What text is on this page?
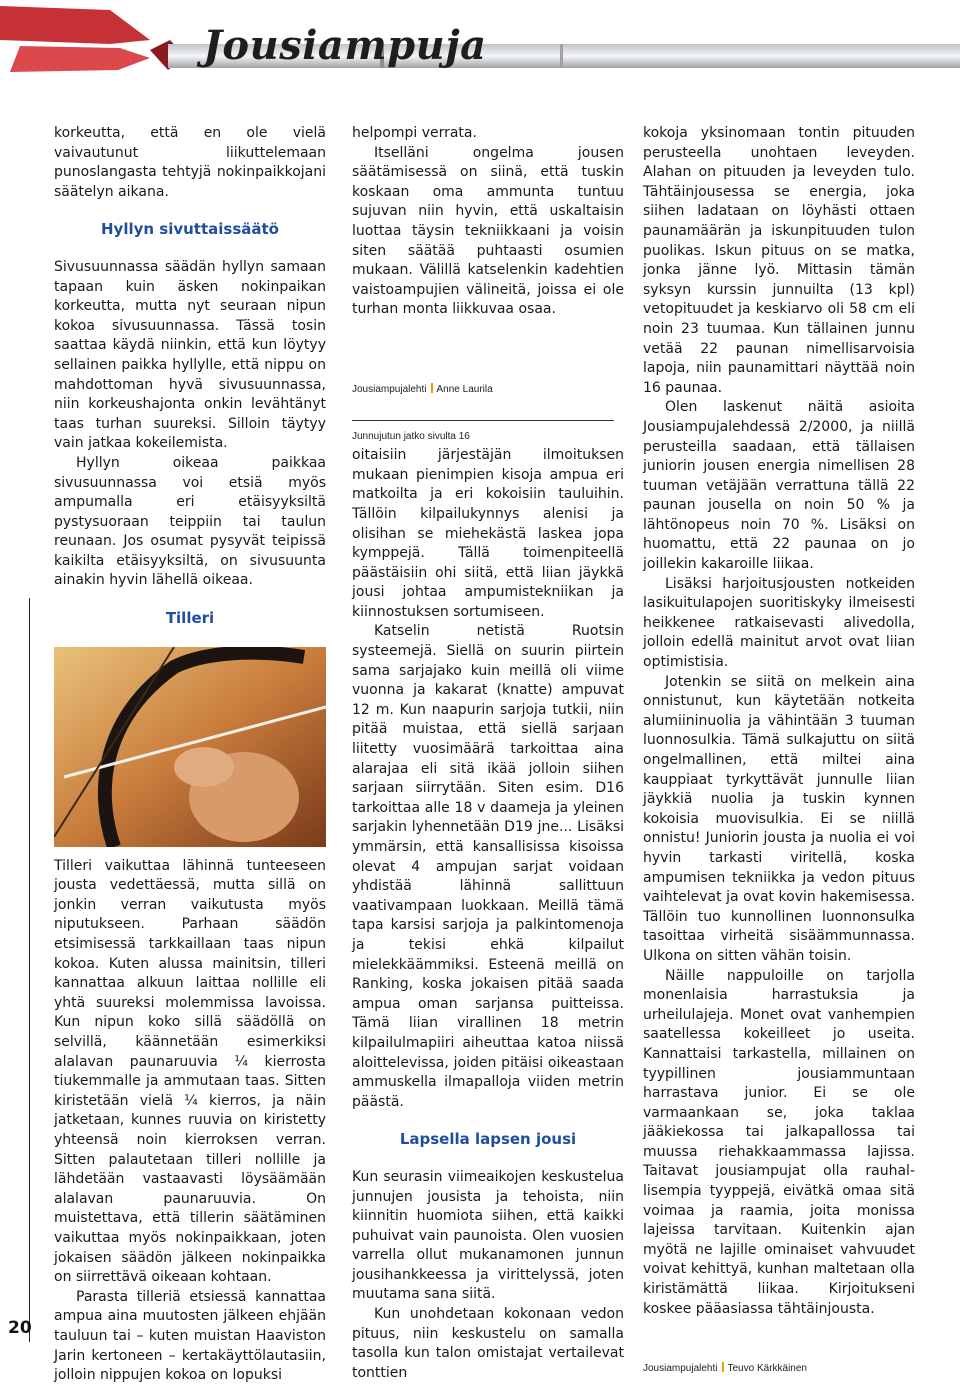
Jousiampuja

korkeutta, että en ole vielä vaivautunut liikuttelemaan punoslangasta tehtyjä nokinpaikkojani säätelyn aikana.

Hyllyn sivuttaissäätö

Sivusuunnassa säädän hyllyn samaan tapaan kuin äsken nokinpaikan korkeutta, mutta nyt seuraan nipun kokoa sivusuunnassa. Tässä tosin saattaa käydä niinkin, että kun löytyy sellainen paikka hyllylle, että nippu on mahdottoman hyvä sivusuunnassa, niin korkeushajonta onkin levähtänyt taas turhan suureksi. Silloin täytyy vain jatkaa kokeilemista.

Hyllyn oikeaa paikkaa sivusuunnassa voi etsiä myös ampumalla eri etäisyyksiltä pystysuoraan teippiin tai taulun reunaan. Jos osumat pysyvät teipissä kaikilta etäisyyksiltä, on sivusuunta ainakin hyvin lähellä oikeaa.

Tilleri

Tilleri vaikuttaa lähinnä tunteeseen jousta vedettäessä, mutta sillä on jonkin verran vaikutusta myös niputukseen. Parhaan säädön etsimisessä tarkkaillaan taas nipun kokoa. Kuten alussa mainitsin, tilleri kannattaa alkuun laittaa nollille eli yhtä suureksi molemmissa lavoissa. Kun nipun koko sillä säädöllä on selvillä, käännetään esimerkiksi alalavan paunaruuvia ¼ kierrosta tiukemmalle ja ammutaan taas. Sitten kiristetään vielä ¼ kierros, ja näin jatketaan, kunnes ruuvia on kiristetty yhteensä noin kierroksen verran. Sitten palautetaan tilleri nollille ja lähdetään vastaavasti löysäämään alalavan paunaruuvia. On muistettava, että tillerin säätäminen vaikuttaa myös nokinpaikkaan, joten jokaisen säädön jälkeen nokinpaikka on siirrettävä oikeaan kohtaan.

Parasta tilleriä etsiessä kannattaa ampua aina muutosten jälkeen ehjään tauluun tai – kuten muistan Haaviston Jarin kertoneen – kertakäyttölautasiin, jolloin nippujen kokoa on lopuksi

helpompi verrata.

Itselläni ongelma jousen säätämisessä on siinä, että tuskin koskaan oma ammunta tuntuu sujuvan niin hyvin, että uskaltaisin luottaa täysin tekniikkaani ja voisin siten säätää puhtaasti osumien mukaan. Välillä katselenkin kadehtien vaistoampujien välineitä, joissa ei ole turhan monta liikkuvaa osaa.

Jousiampujalehti Anne Laurila

Junnujutun jatko sivulta 16

oitaisiin järjestäjän ilmoituksen mukaan pienimpien kisoja ampua eri matkoilta ja eri kokoisiin tauluihin. Tällöin kilpailukynnys alenisi ja olisihan se miehekästä laskea jopa kymppejä. Tällä toimenpiteellä päästäisiin ohi siitä, että liian jäykkä jousi johtaa ampumistekniikan ja kiinnostuksen sortumiseen.

Katselin netistä Ruotsin systeemejä. Siellä on suurin piirtein sama sarjajako kuin meillä oli viime vuonna ja kakarat (knatte) ampuvat 12 m. Kun naapurin sarjoja tutkii, niin pitää muistaa, että siellä sarjaan liitetty vuosimäärä tarkoittaa aina alarajaa eli sitä ikää jolloin siihen sarjaan siirrytään. Siten esim. D16 tarkoittaa alle 18 v daameja ja yleinen sarjakin lyhennetään D19 jne... Lisäksi ymmärsin, että kansallisissa kisoissa olevat 4 ampujan sarjat voidaan yhdistää lähinnä sallittuun vaativampaan luokkaan. Meillä tämä tapa karsisi sarjoja ja palkintomenoja ja tekisi ehkä kilpailut mielekkäämmiksi. Esteenä meillä on Ranking, koska jokaisen pitää saada ampua oman sarjansa puitteissa. Tämä liian virallinen 18 metrin kilpailulmapiiri aiheuttaa katoa niissä aloittelevissa, joiden pitäisi oikeastaan ammuskella ilmapalloja viiden metrin päästä.

Lapsella lapsen jousi

Kun seurasin viimeaikojen keskustelua junnujen jousista ja tehoista, niin kiinnitin huomiota siihen, että kaikki puhuivat vain paunoista. Olen vuosien varrella ollut mukanamonen junnun jousihankkeessa ja virittelyssä, joten muutama sana siitä.

Kun unohdetaan kokonaan vedon pituus, niin keskustelu on samalla tasolla kun talon omistajat vertailevat tonttien

kokoja yksinomaan tontin pituuden perusteella unohtaen leveyden. Alahan on pituuden ja leveyden tulo. Tähtäinjousessa se energia, joka siihen ladataan on löyhästi ottaen paunamäärän ja iskunpituuden tulon puolikas. Iskun pituus on se matka, jonka jänne lyö. Mittasin tämän syksyn kurssin junnuilta (13 kpl) vetopituudet ja keskiarvo oli 58 cm eli noin 23 tuumaa. Kun tällainen junnu vetää 22 paunan nimellisarvoisia lapoja, niin paunamittari näyttää noin 16 paunaa.

Olen laskenut näitä asioita Jousiampujalehdessä 2/2000, ja niillä perusteilla saadaan, että tällaisen juniorin jousen energia nimellisen 28 tuuman vetäjään verrattuna tällä 22 paunan jousella on noin 50 % ja lähtönopeus noin 70 %. Lisäksi on huomattu, että 22 paunaa on jo joillekin kakaroille liikaa.

Lisäksi harjoitusjousten notkeiden lasikuitulapojen suoritiskyky ilmeisesti heikkenee ratkaisevasti alivedolla, jolloin edellä mainitut arvot ovat liian optimistisia.

Jotenkin se siitä on melkein aina onnistunut, kun käytetään notkeita alumiininuolia ja vähintään 3 tuuman luonnosulkia. Tämä sulkajuttu on siitä ongelmallinen, että miltei aina kauppiaat tyrkyttävät junnulle liian jäykkiä nuolia ja tuskin kynnen kokoisia muovisulkia. Ei se niillä onnistu! Juniorin jousta ja nuolia ei voi hyvin tarkasti viritellä, koska ampumisen tekniikka ja vedon pituus vaihtelevat ja ovat kovin hakemisessa. Tällöin tuo kunnollinen luonnonsulka tasoittaa virheitä sisäämmunnassa. Ulkona on sitten vähän toisin.

Näille nappuloille on tarjolla monenlaisia harrastuksia ja urheilulajeja. Monet ovat vanhempien saatellessa kokeilleet jo useita. Kannattaisi tarkastella, millainen on tyypillinen jousiammuntaan harrastava junior. Ei se ole varmaankaan se, joka taklaa jääkiekossa tai jalkapallossa tai muussa riehakkaammassa lajissa. Taitavat jousiampujat olla rauhal-lisempia tyyppejä, eivätkä omaa sitä voimaa ja raamia, joita monissa lajeissa tarvitaan. Kuitenkin ajan myötä ne lajille ominaiset vahvuudet voivat kehittyä, kunhan maltetaan olla kiristämättä liikaa. Kirjoitukseni koskee pääasiassa tähtäinjousta.

Jousiampujalehti Teuvo Kärkkäinen

20
